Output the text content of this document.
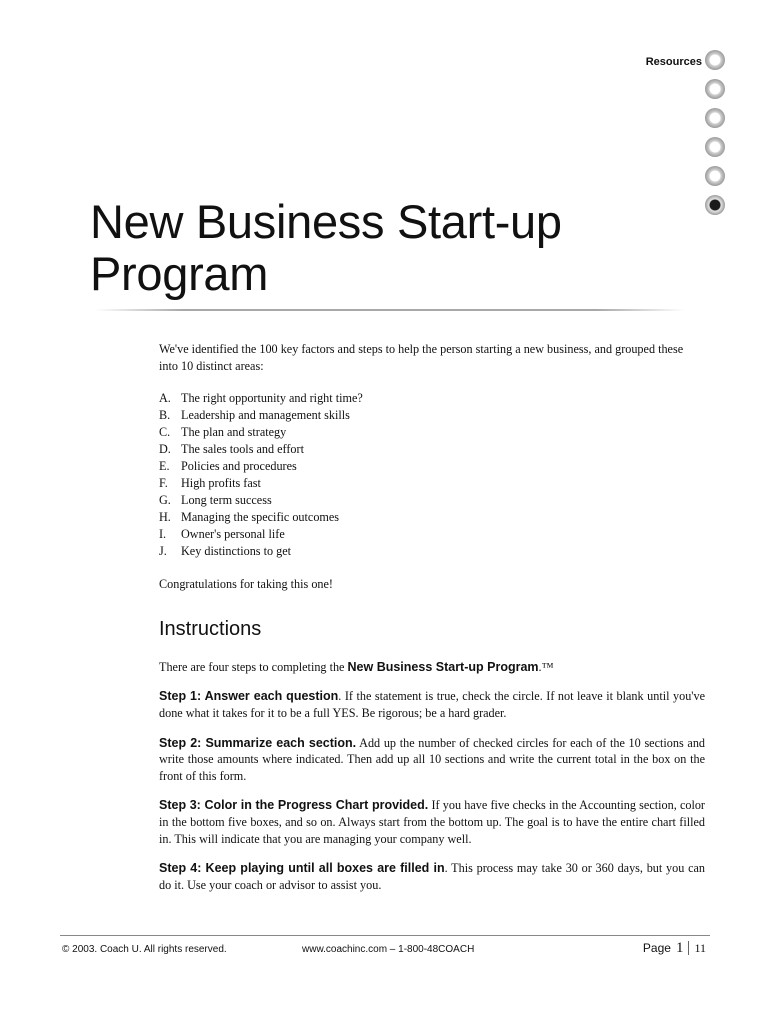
Resources
New Business Start-up
Program

We've identified the 100 key factors and steps to help the person starting a new business, and grouped these into 10 distinct areas:

A. The right opportunity and right time?
B. Leadership and management skills
C. The plan and strategy
D. The sales tools and effort
E. Policies and procedures
F.	High profits fast
G. Long term success
H. Managing the specific outcomes
I.	Owner's personal life
J.	Key distinctions to get

Congratulations for taking this one!

Instructions

There are four steps to completing the New Business Start-up Program.™

Step 1: Answer each question. If the statement is true, check the circle. If not leave it blank until you've done what it takes for it to be a full YES. Be rigorous; be a hard grader.

Step 2: Summarize each section. Add up the number of checked circles for each of the 10 sections and write those amounts where indicated. Then add up all 10 sections and write the current total in the box on the front of this form.

Step 3: Color in the Progress Chart provided. If you have five checks in the Accounting section, color in the bottom five boxes, and so on. Always start from the bottom up. The goal is to have the entire chart filled in. This will indicate that you are managing your company well.

Step 4: Keep playing until all boxes are filled in. This process may take 30 or 360 days, but you can do it. Use your coach or advisor to assist you.

© 2003. Coach U. All rights reserved.	www.coachinc.com – 1-800-48COACH	Page 1 11
